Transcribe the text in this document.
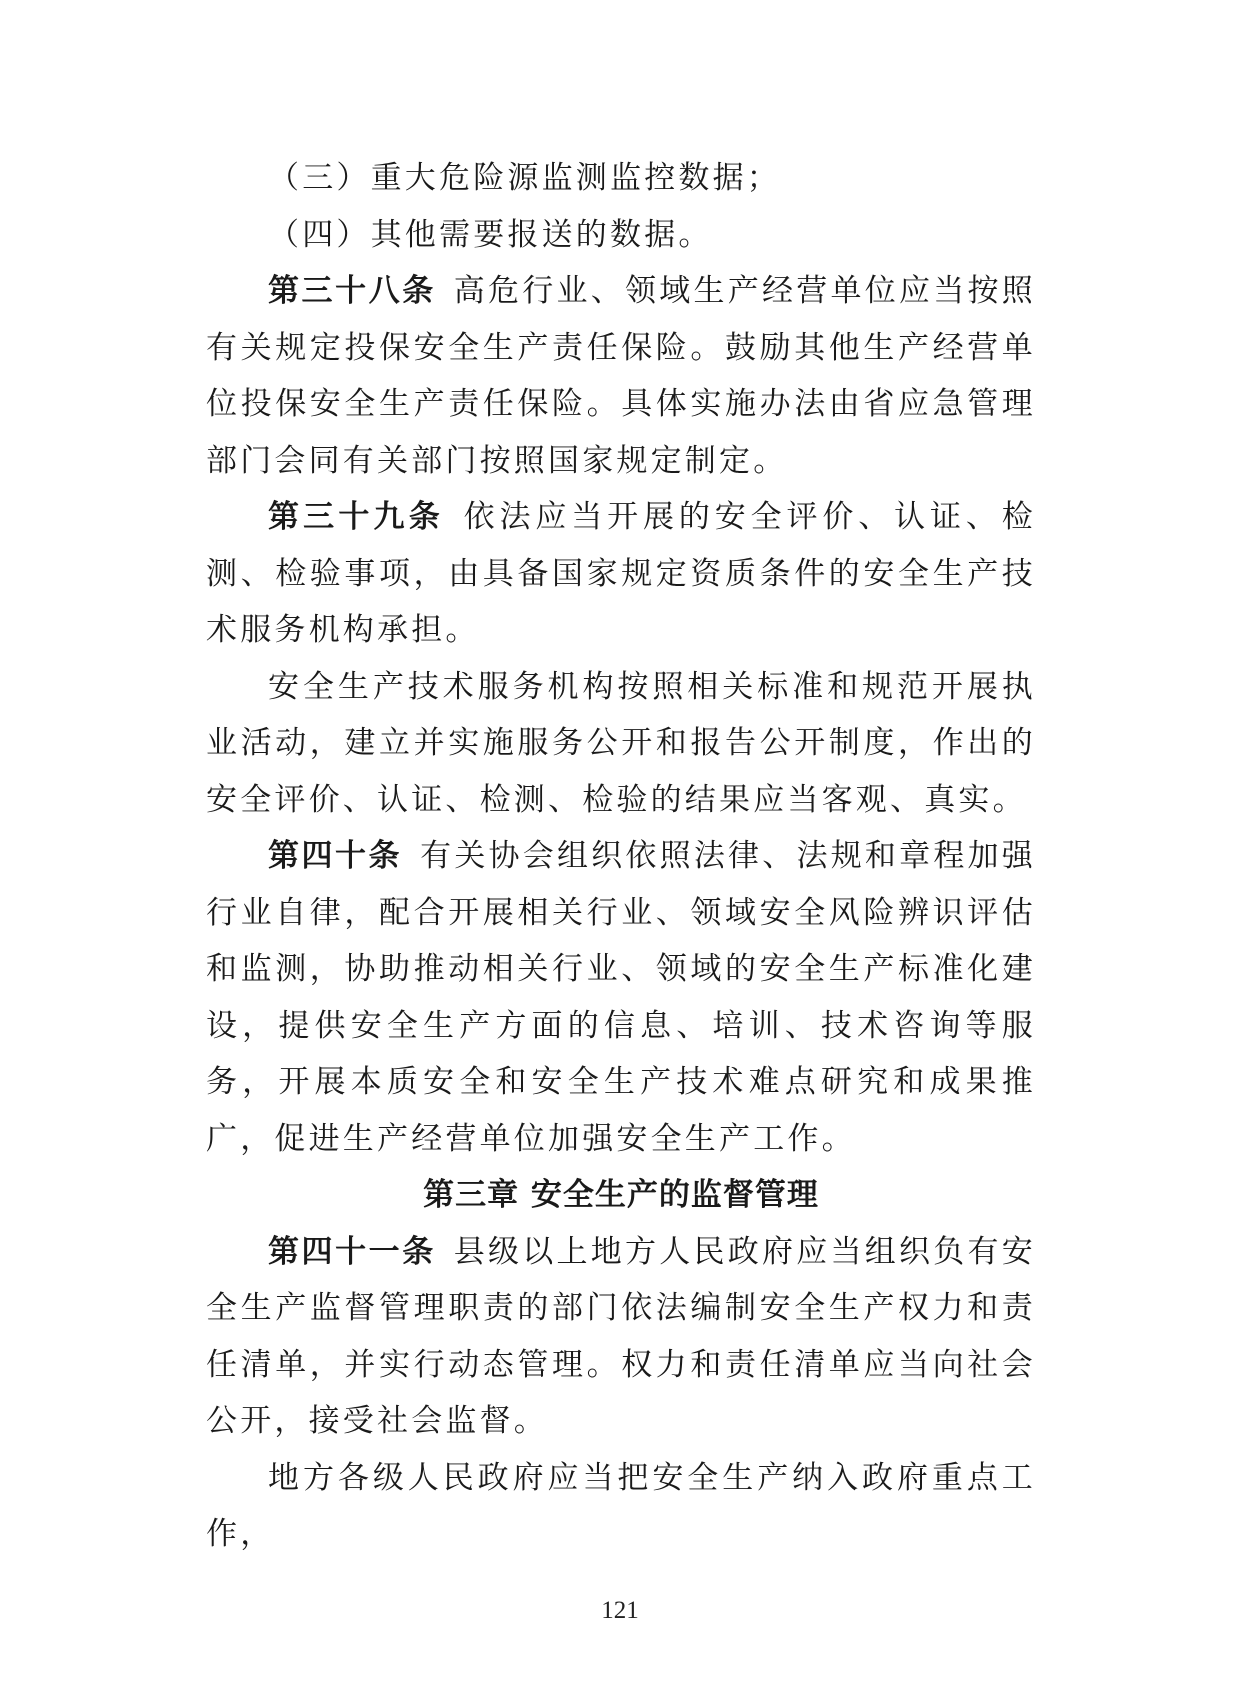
（三）重大危险源监测监控数据；

（四）其他需要报送的数据。

第三十八条 高危行业、领域生产经营单位应当按照有关规定投保安全生产责任保险。鼓励其他生产经营单位投保安全生产责任保险。具体实施办法由省应急管理部门会同有关部门按照国家规定制定。

第三十九条 依法应当开展的安全评价、认证、检测、检验事项，由具备国家规定资质条件的安全生产技术服务机构承担。

安全生产技术服务机构按照相关标准和规范开展执业活动，建立并实施服务公开和报告公开制度，作出的安全评价、认证、检测、检验的结果应当客观、真实。

第四十条 有关协会组织依照法律、法规和章程加强行业自律，配合开展相关行业、领域安全风险辨识评估和监测，协助推动相关行业、领域的安全生产标准化建设，提供安全生产方面的信息、培训、技术咨询等服务，开展本质安全和安全生产技术难点研究和成果推广，促进生产经营单位加强安全生产工作。

第三章 安全生产的监督管理

第四十一条 县级以上地方人民政府应当组织负有安全生产监督管理职责的部门依法编制安全生产权力和责任清单，并实行动态管理。权力和责任清单应当向社会公开，接受社会监督。

地方各级人民政府应当把安全生产纳入政府重点工作，

121
